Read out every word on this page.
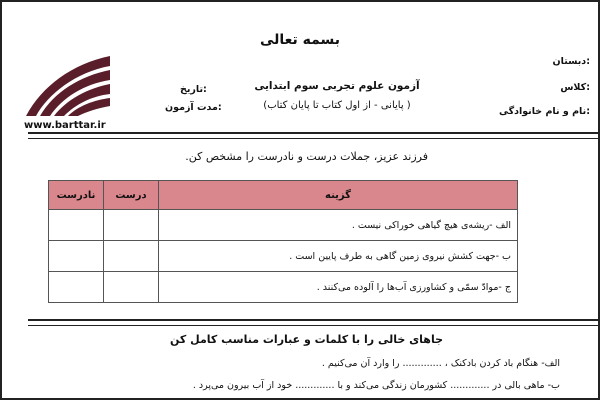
بسمه تعالی
دبستان:
کلاس:
نام و نام خانوادگی:
آزمون علوم تجربی سوم ابتدایی
(پایانی - از اول کتاب تا پایان کتاب )
تاریخ:
مدت آزمون:
www.barttar.ir
فرزند عزیز، جملات درست و نادرست را مشخص کن.
گزینه	درست	نادرست
الف -ریشه‌ی هیچ گیاهی خوراکی نیست .		
ب -جهت کشش نیروی زمین گاهی به طرف پایین است .		
ج -موادّ سمّی و کشاورزی آب‌ها را آلوده می‌کنند .		
جاهای خالی را با کلمات و عبارات مناسب کامل کن
الف- هنگام باد کردن بادکنک ، ............. را وارد آن می‌کنیم .
ب- ماهی بالی در ............. کشورمان زندگی می‌کند و با ............. خود از آب بیرون می‌پرد .
